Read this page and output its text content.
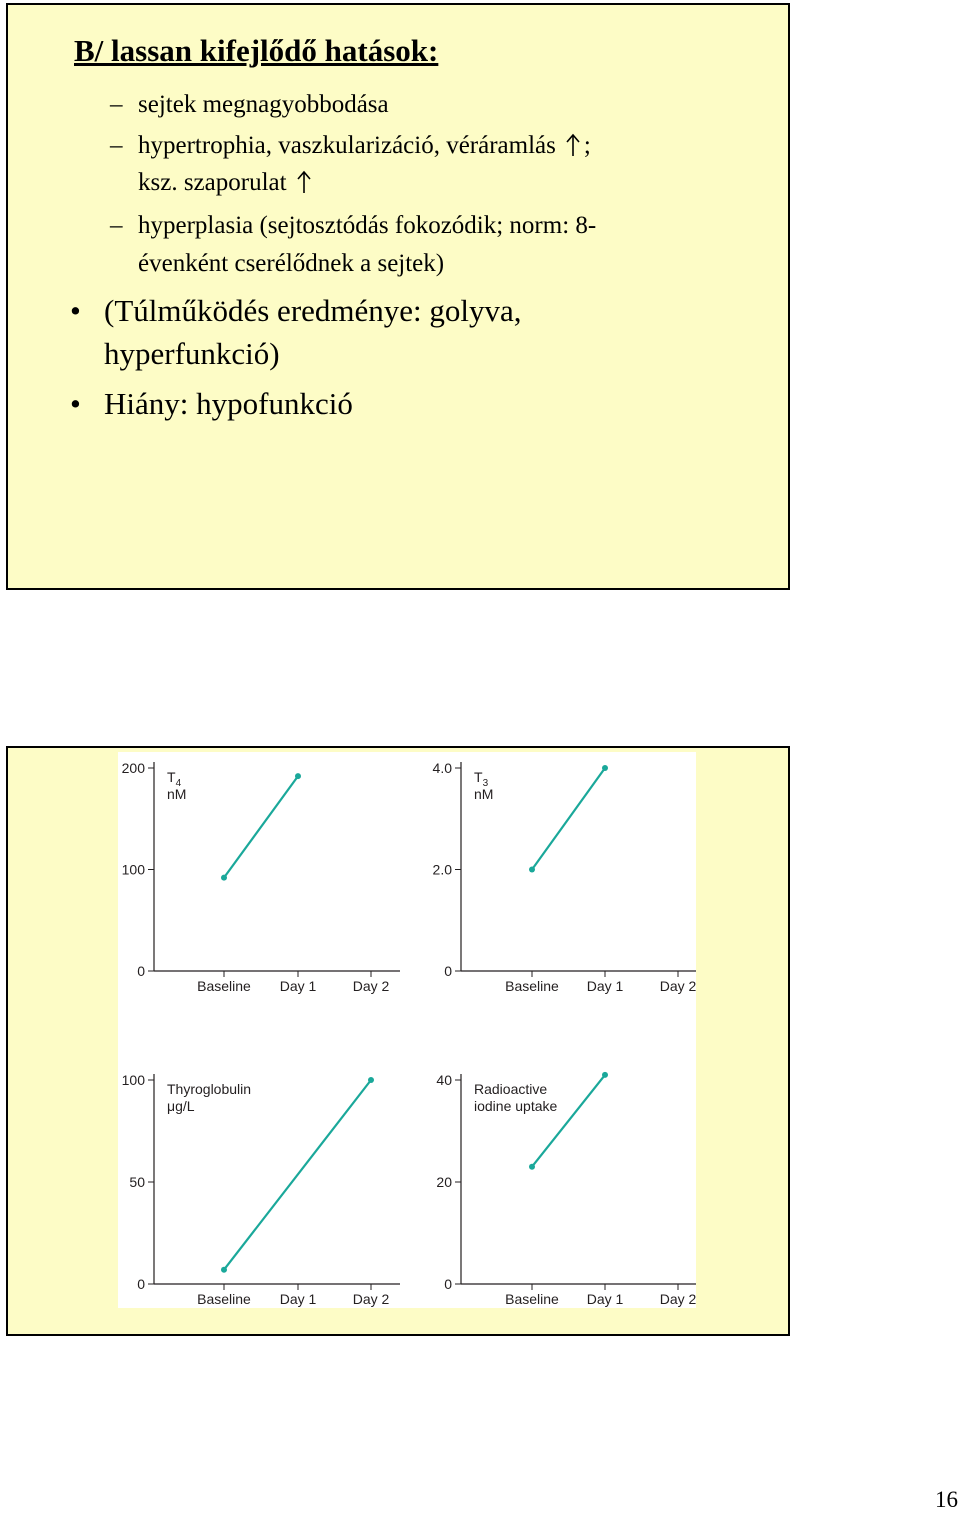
B/ lassan kifejlődő hatások:
– sejtek megnagyobbodása
– hypertrophia, vaszkularizáció, véráramlás ;
ksz. szaporulat
– hyperplasia (sejtosztódás fokozódik; norm: 8-
évenként cserélődnek a sejtek)
• (Túlműködés eredménye: golyva,
hyperfunkció)
• Hiány: hypofunkció
0
100
200
Baseline Day 1	Day 2
$T_4$
nM
0
2.0
4.0
Baseline Day 1	Day 2
$T_3$
nM
0
50
100
Baseline Day 1	Day 2
Thyroglobulin
μg/L
0
20
40
Baseline Day 1	Day 2
Radioactive
iodine uptake
16
